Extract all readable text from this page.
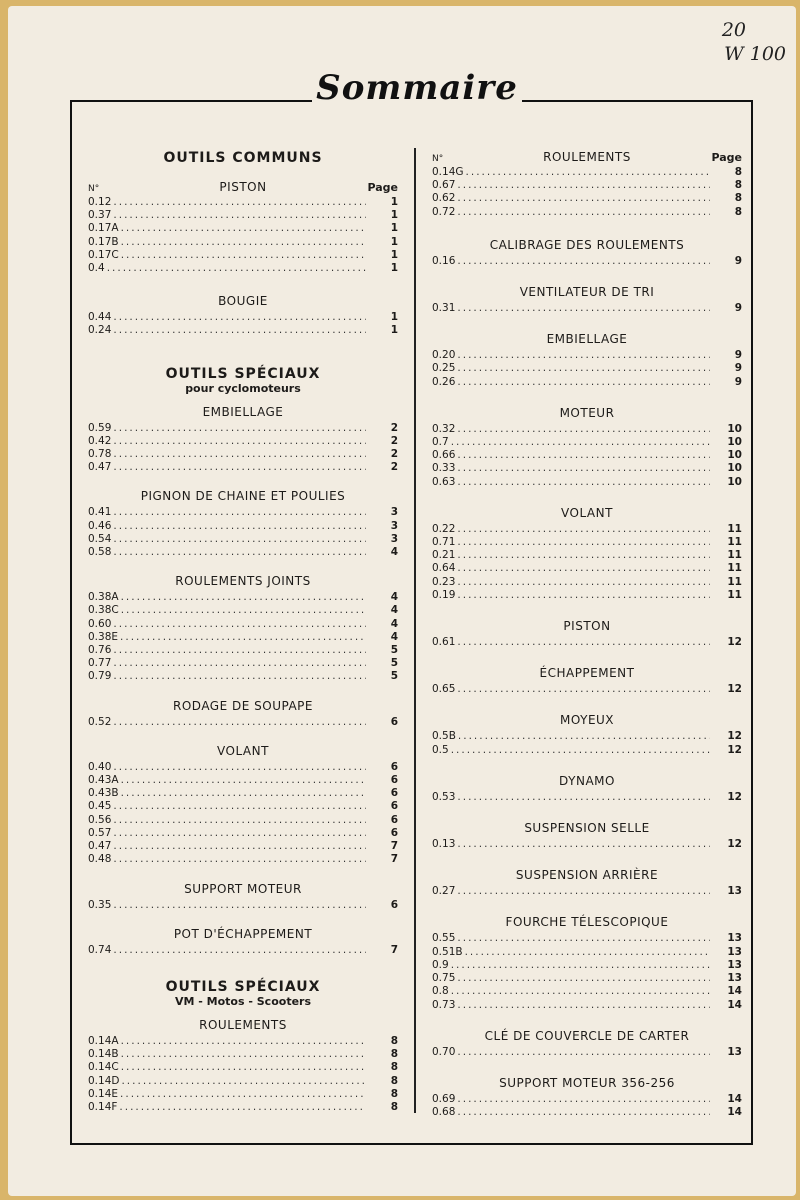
20
W 100
Sommaire
OUTILS COMMUNS
N°	PISTON	Page
0.12 .....	1
0.37 .....	1
0.17A .....	1
0.17B .....	1
0.17C .....	1
0.4 .....	1
BOUGIE
0.44 .....	1
0.24 .....	1
OUTILS SPÉCIAUX
pour cyclomoteurs
EMBIELLAGE
0.59 .....	2
0.42 .....	2
0.78 .....	2
0.47 .....	2
PIGNON DE CHAINE ET POULIES
0.41 .....	3
0.46 .....	3
0.54 .....	3
0.58 .....	4
ROULEMENTS JOINTS
0.38A .....	4
0.38C .....	4
0.60 .....	4
0.38E .....	4
0.76 .....	5
0.77 .....	5
0.79 .....	5
RODAGE DE SOUPAPE
0.52 .....	6
VOLANT
0.40 .....	6
0.43A .....	6
0.43B .....	6
0.45 .....	6
0.56 .....	6
0.57 .....	6
0.47 .....	7
0.48 .....	7
SUPPORT MOTEUR
0.35 .....	6
POT D'ÉCHAPPEMENT
0.74 .....	7
OUTILS SPÉCIAUX
VM - Motos - Scooters
ROULEMENTS
0.14A .....	8
0.14B .....	8
0.14C .....	8
0.14D .....	8
0.14E .....	8
0.14F .....	8
N°	ROULEMENTS	Page
0.14G .....	8
0.67 .....	8
0.62 .....	8
0.72 .....	8
CALIBRAGE DES ROULEMENTS
0.16 .....	9
VENTILATEUR DE TRI
0.31 .....	9
EMBIELLAGE
0.20 .....	9
0.25 .....	9
0.26 .....	9
MOTEUR
0.32 .....	10
0.7 .....	10
0.66 .....	10
0.33 .....	10
0.63 .....	10
VOLANT
0.22 .....	11
0.71 .....	11
0.21 .....	11
0.64 .....	11
0.23 .....	11
0.19 .....	11
PISTON
0.61 .....	12
ÉCHAPPEMENT
0.65 .....	12
MOYEUX
0.5B .....	12
0.5 .....	12
DYNAMO
0.53 .....	12
SUSPENSION SELLE
0.13 .....	12
SUSPENSION ARRIÈRE
0.27 .....	13
FOURCHE TÉLESCOPIQUE
0.55 .....	13
0.51B .....	13
0.9 .....	13
0.75 .....	13
0.8 .....	14
0.73 .....	14
CLÉ DE COUVERCLE DE CARTER
0.70 .....	13
SUPPORT MOTEUR 356-256
0.69 .....	14
0.68 .....	14
